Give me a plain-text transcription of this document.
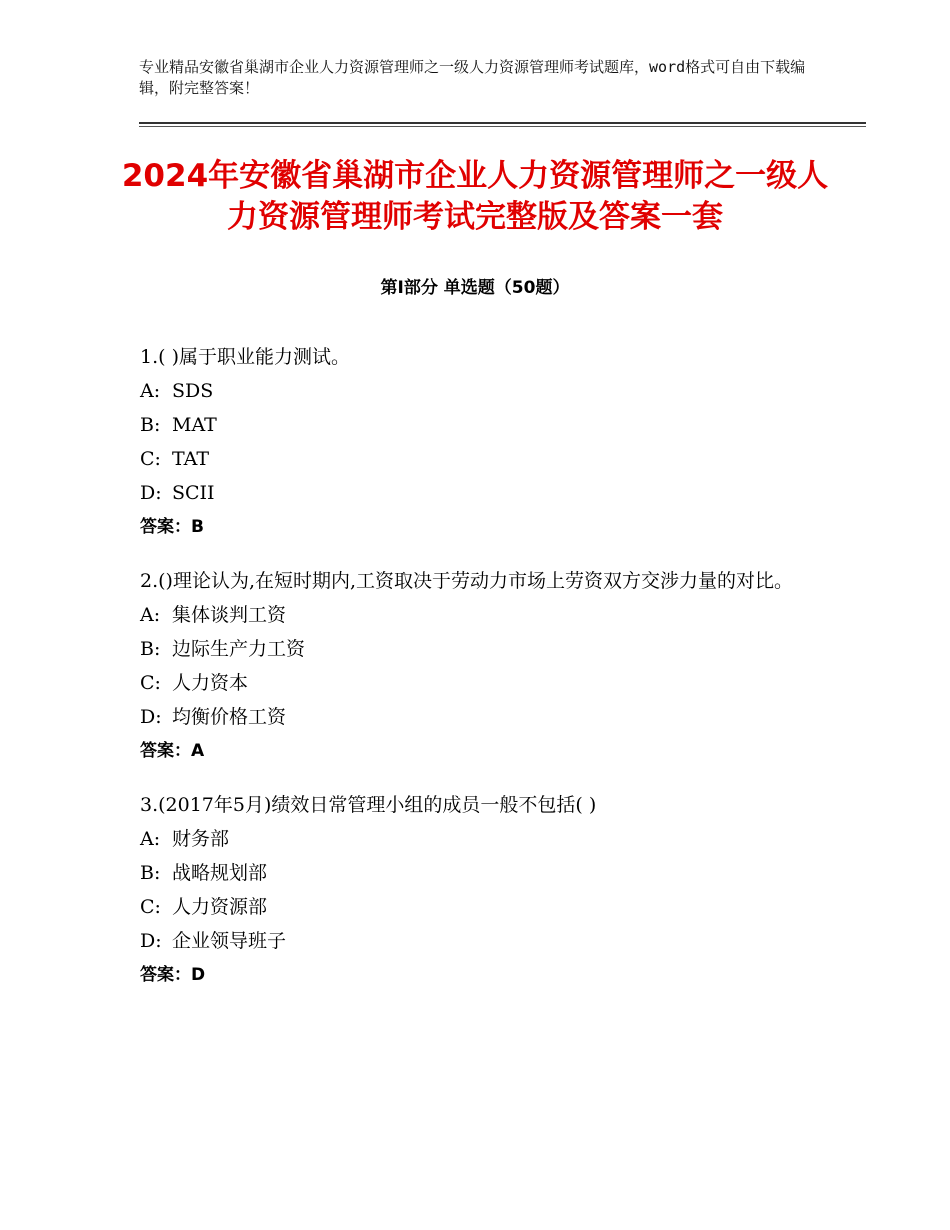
专业精品安徽省巢湖市企业人力资源管理师之一级人力资源管理师考试题库，word格式可自由下载编辑，附完整答案！
2024年安徽省巢湖市企业人力资源管理师之一级人力资源管理师考试完整版及答案一套
第Ⅰ部分 单选题（50题）
1.( )属于职业能力测试。
A: SDS
B: MAT
C: TAT
D: SCII
答案：B
2.()理论认为,在短时期内,工资取决于劳动力市场上劳资双方交涉力量的对比。
A: 集体谈判工资
B: 边际生产力工资
C: 人力资本
D: 均衡价格工资
答案：A
3.(2017年5月)绩效日常管理小组的成员一般不包括( )
A: 财务部
B: 战略规划部
C: 人力资源部
D: 企业领导班子
答案：D
